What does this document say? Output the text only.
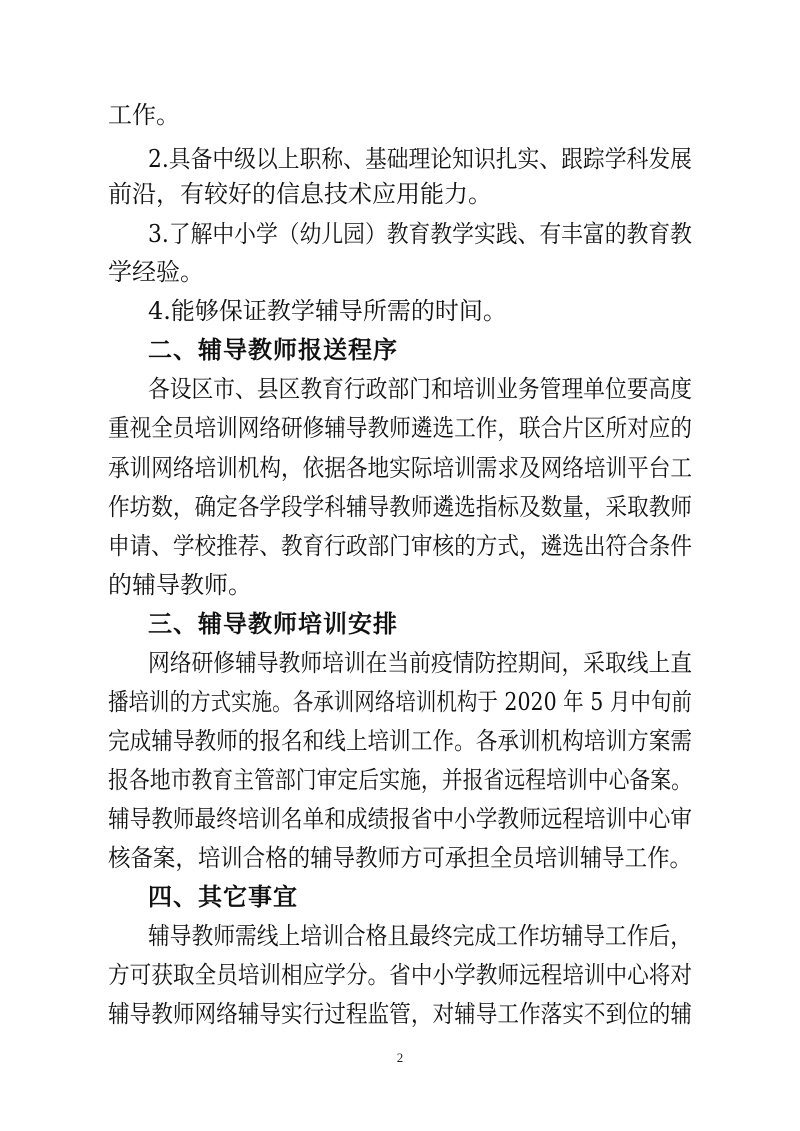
工作。
2.具备中级以上职称、基础理论知识扎实、跟踪学科发展
前沿，有较好的信息技术应用能力。
3.了解中小学（幼儿园）教育教学实践、有丰富的教育教
学经验。
4.能够保证教学辅导所需的时间。
二、辅导教师报送程序
各设区市、县区教育行政部门和培训业务管理单位要高度
重视全员培训网络研修辅导教师遴选工作，联合片区所对应的
承训网络培训机构，依据各地实际培训需求及网络培训平台工
作坊数，确定各学段学科辅导教师遴选指标及数量，采取教师
申请、学校推荐、教育行政部门审核的方式，遴选出符合条件
的辅导教师。
三、辅导教师培训安排
网络研修辅导教师培训在当前疫情防控期间，采取线上直
播培训的方式实施。各承训网络培训机构于 2020 年 5 月中旬前
完成辅导教师的报名和线上培训工作。各承训机构培训方案需
报各地市教育主管部门审定后实施，并报省远程培训中心备案。
辅导教师最终培训名单和成绩报省中小学教师远程培训中心审
核备案，培训合格的辅导教师方可承担全员培训辅导工作。
四、其它事宜
辅导教师需线上培训合格且最终完成工作坊辅导工作后，
方可获取全员培训相应学分。省中小学教师远程培训中心将对
辅导教师网络辅导实行过程监管，对辅导工作落实不到位的辅
2
